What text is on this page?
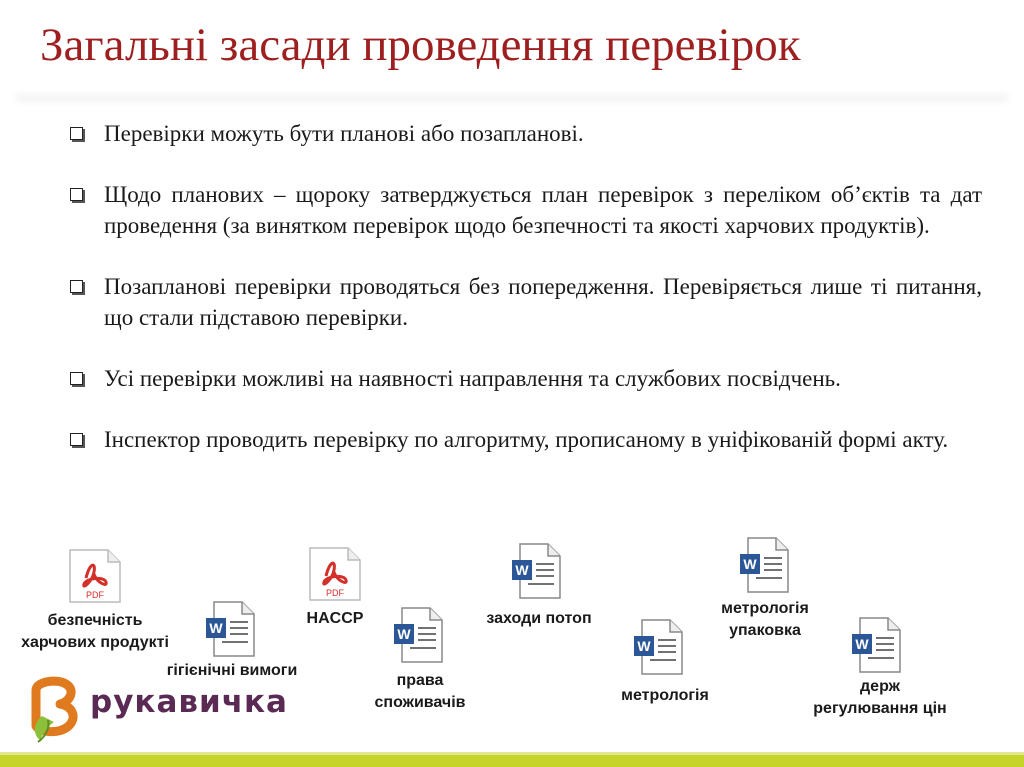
Загальні засади проведення перевірок
Перевірки можуть бути планові або позапланові.
Щодо планових – щороку затверджується план перевірок з переліком об’єктів та дат проведення (за винятком перевірок щодо безпечності та якості харчових продуктів).
Позапланові перевірки проводяться без попередження. Перевіряється лише ті питання, що стали підставою перевірки.
Усі перевірки можливі на наявності направлення та службових посвідчень.
Інспектор проводить перевірку по алгоритму, прописаному в уніфікованій формі акту.
PDF
безпечність
харчових продукті
W
гігієнічні вимоги
PDF
HACCP
W
права
споживачів
W
заходи потоп
W
метрологія
W
метрологія
упаковка
W
держ
регулювання цін
рукавичка
